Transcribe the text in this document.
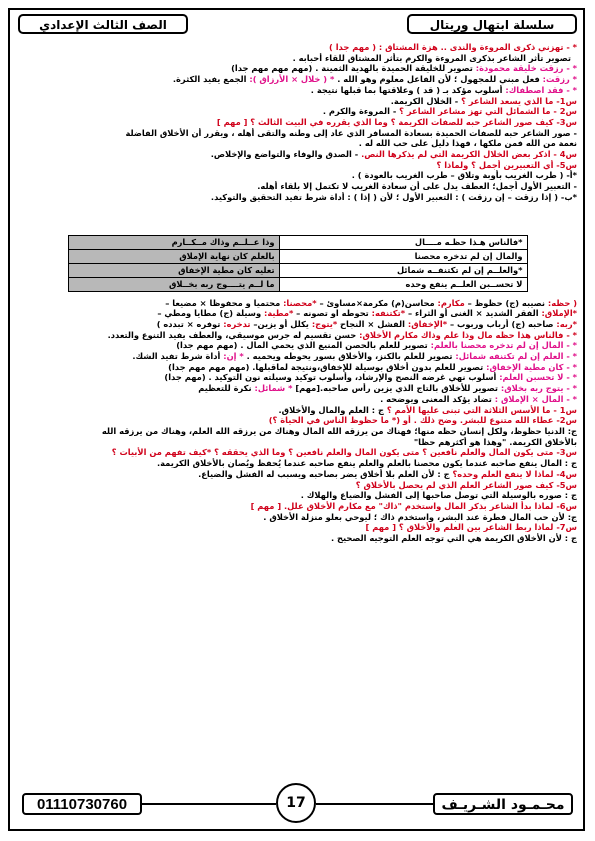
سلسلة ابتهال وريتال
الصف الثالث الإعدادي
* - تهزني ذكرى المروءة والندى .. هزة المشتاق : ( مهم جدا )
تصوير تأثر الشاعر بذكرى المروءة والكرم بتأثر المشتاق للقاء أحبابه .
* - رزقت خليقة محمودة: تصوير للخليقة الحميدة بالهدية الثمينة . (مهم مهم مهم جدا)
* رزقت: فعل مبني للمجهول ؛ لأن الفاعل معلوم وهو الله . * ( خلال × الأرزاق ): الجمع يفيد الكثرة.
* - فقد اصطفاك: أسلوب مؤكد بـ ( قد ) وعلاقتها بما قبلها نتيجة .
س1- ما الذي يسعد الشاعر ؟ - الخلال الكريمة.
س2 - ما الشمائل التي تهز مشاعر الشاعر ؟ - المروءة والكرم .
س3- كيف صور الشاعر حبه للصفات الكريمة ؟ وما الذي يقرره في البيت الثالث ؟ [ مهم ]
- صور الشاعر حبه للصفات الحميدة بسعادة المسافر الذي عاد إلى وطنه والتقى أهله ، ويقرر أن الأخلاق الفاضلة
نعمة من الله فمن ملكها ، فهذا دليل على حب الله له .
س4 - اذكر بعض الخلال الكريمة التي لم يذكرها النص. - الصدق والوفاء والتواضع والإخلاص.
س5- أي التعبيرين أجمل ؟ ولماذا ؟
*أ- ( طرب الغريب بأوبة وتلاق – طرب الغريب بالعودة ) .
- التعبير الأول أجمل؛ العطف يدل على أن سعادة الغريب لا تكتمل إلا بلقاء أهله.
*ب- ( إذا رزقت – إن رزقت ) : التعبير الأول ؛ لأن ( إذا ) : أداة شرط تفيد التحقيق والتوكيد.
*فالناس هـذا حظـه مــــال	وذا عــلــم وذاك مــكــارم
والمال إن لم تدخره محصنا	بالعلم كان نهاية الإملاق
*والعلــم إن لم تكتنفــه شمائل	تعليه كان مطية الإخفاق
لا تحســبن العلــم ينفع وحده	ما لــم يتــــوج ربه بخــلاق
( حظه: نصيبه (ج) حظوظ – مكارم: محاسن(م) مكرمة×مساوئ – *محصنا: محتميا و محفوظا × مضيعا –
*الإملاق: الفقر الشديد × الغنى أو الثراء – *تكتنفه: تحوطه او تصونه – *مطية: وسيلة (ج) مطايا ومطي –
*ربه: صاحبه (ج) أرباب وربوب – *الإخفاق: الفشل × النجاح *يتوج: يكلل أو يزين– تدخره: توفره × تبدده )
* - فالناس هذا حظه مال وذا علم وذاك مكارم الأخلاق: حسن تقسيم له جرس موسيقي، والعطف يفيد التنوع والتعدد.
* - المال إن لم تدخره محصنا بالعلم: تصوير للعلم بالحصن المنيع الذي يحمي المال . (مهم مهم جدا)
* - العلم إن لم تكتنفه شمائل: تصوير للعلم بالكنز، والأخلاق بسور يحوطه ويحميه . * إن: أداة شرط تفيد الشك.
* - كان مطية الإخفاق: تصوير للعلم بدون أخلاق بوسيلة للإخفاق،ونتيجة لماقبلها. (مهم مهم مهم جدا)
* - لا تحسبن العلم: أسلوب نهي غرضه النصح والإرشاد، وأسلوب توكيد وسيلته نون التوكيد . (مهم جدا)
* - يتوج ربه بخلاق: تصوير للأخلاق بالتاج الذي يزين رأس صاحبه.[مهم] * شمائل: نكرة للتعظيم
* - المال × الإملاق : تضاد يؤكد المعنى ويوضحه .
س1 - ما الأسس الثلاثة التي تبنى عليها الأمم ؟ ج : العلم والمال والأخلاق.
س2- عطاء الله متنوع للبشر. وضح ذلك . أو (* ما حظوظ الناس في الحياة ؟)
ج: الدنيا حظوظ، ولكل إنسان حظه منها؛ فهناك من يرزقه الله المال وهناك من يرزقه الله العلم، وهناك من يرزقه الله
بالأخلاق الكريمة. "وهذا هو أكثرهم حظا"
س3- متى يكون المال والعلم نافعين ؟ متى يكون المال والعلم نافعين ؟ وما الذي يحققه ؟ *كيف تفهم من الأبيات ؟
ج : المال ينفع صاحبه عندما يكون محصنا بالعلم والعلم ينفع صاحبه عندما يُحفظ ويُصان بالأخلاق الكريمة.
س4- لماذا لا ينفع العلم وحده؟ ج : لأن العلم بلا أخلاق يضر بصاحبه ويسبب له الفشل والضياع.
س5- كيف صور الشاعر العلم الذي لم يحصل بالأخلاق ؟
ج : صوره بالوسيلة التي توصل صاحبها إلى الفشل والضياع والهلاك .
س6- لماذا بدأ الشاعر بذكر المال واستخدم "ذاك" مع مكارم الأخلاق علل. [ مهم ]
ج: لأن حب المال فطرة عند البشر، واستخدم ذاك ؛ ليوحي بعلو منزلة الأخلاق .
س7- لماذا ربط الشاعر بين العلم والأخلاق ؟ [ مهم ]
ج : لأن الأخلاق الكريمة هي التي توجه العلم التوجيه الصحيح .
01110730760	17	محـمـود الشـريـف
